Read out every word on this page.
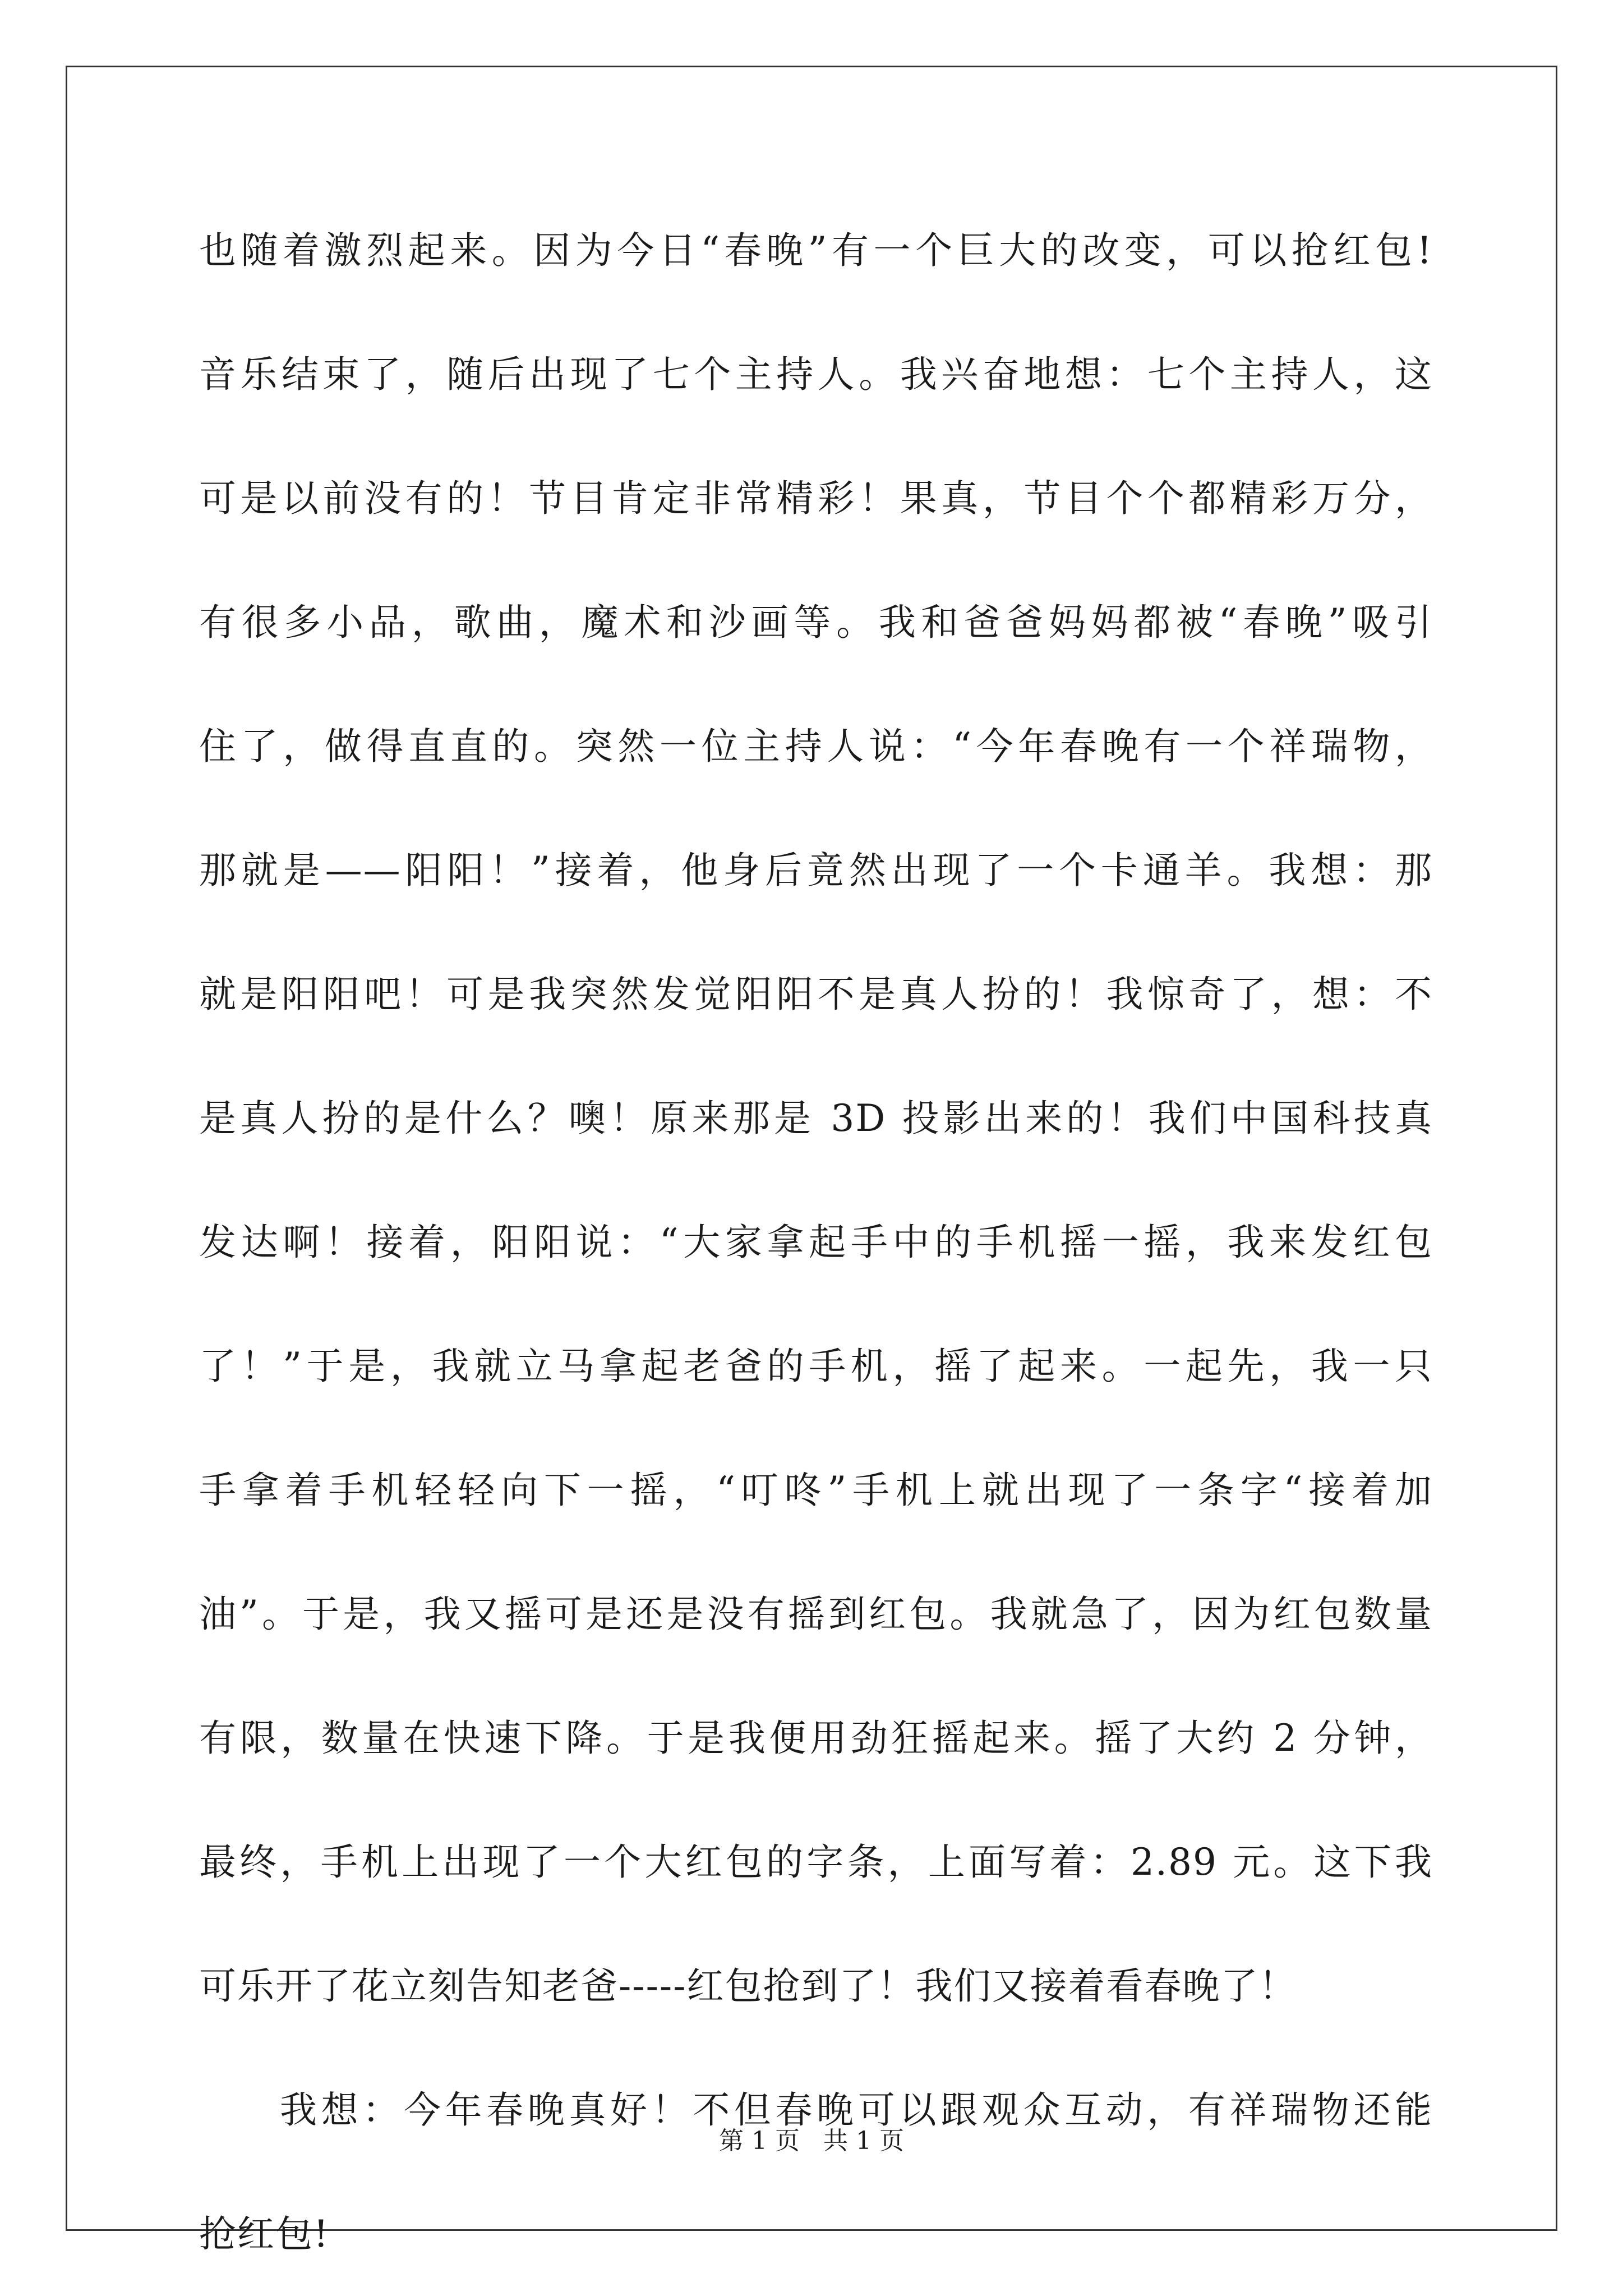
也随着激烈起来。因为今日“春晚”有一个巨大的改变，可以抢红包!
音乐结束了，随后出现了七个主持人。我兴奋地想：七个主持人，这
可是以前没有的！节目肯定非常精彩！果真，节目个个都精彩万分，
有很多小品，歌曲，魔术和沙画等。我和爸爸妈妈都被“春晚”吸引
住了，做得直直的。突然一位主持人说：“今年春晚有一个祥瑞物，
那就是——阳阳！”接着，他身后竟然出现了一个卡通羊。我想：那
就是阳阳吧！可是我突然发觉阳阳不是真人扮的！我惊奇了，想：不
是真人扮的是什么？噢！原来那是 3D 投影出来的！我们中国科技真
发达啊！接着，阳阳说：“大家拿起手中的手机摇一摇，我来发红包
了！”于是，我就立马拿起老爸的手机，摇了起来。一起先，我一只
手拿着手机轻轻向下一摇，“叮咚”手机上就出现了一条字“接着加
油”。于是，我又摇可是还是没有摇到红包。我就急了，因为红包数量
有限，数量在快速下降。于是我便用劲狂摇起来。摇了大约 2 分钟，
最终，手机上出现了一个大红包的字条，上面写着：2.89 元。这下我
可乐开了花立刻告知老爸-----红包抢到了！我们又接着看春晚了！
我想：今年春晚真好！不但春晚可以跟观众互动，有祥瑞物还能
抢红包!
第 1 页   共 1 页
